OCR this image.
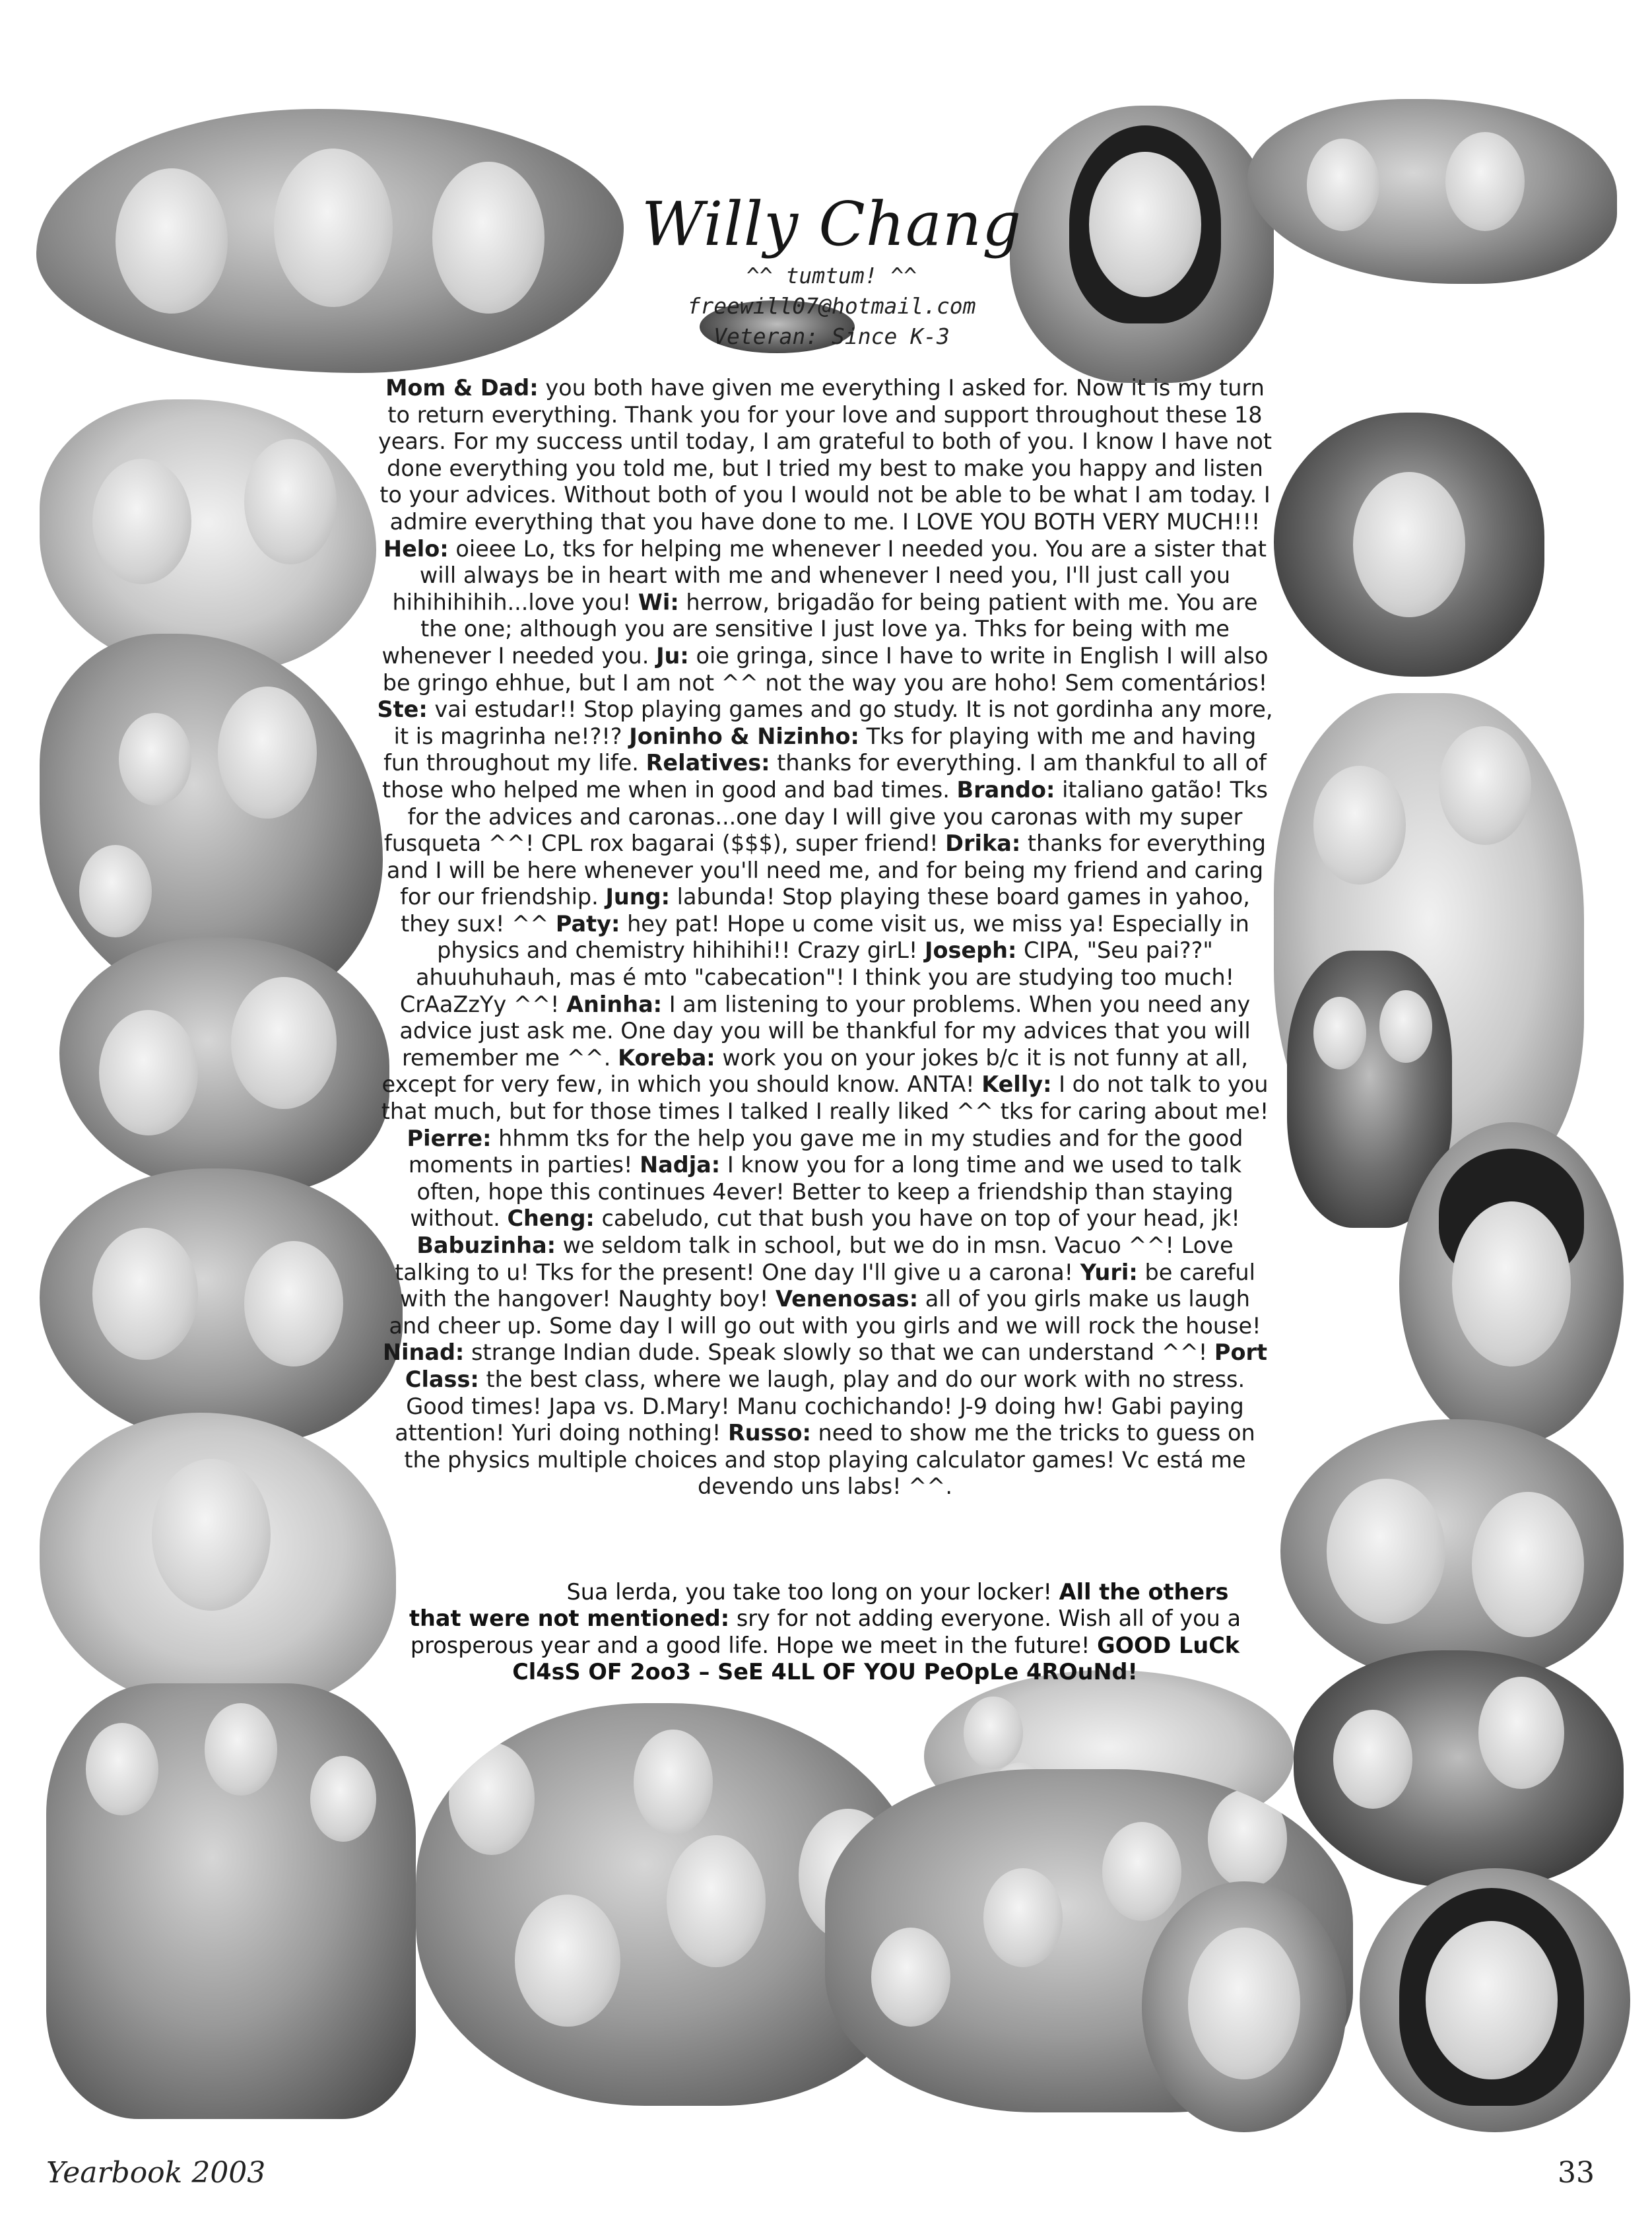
Willy Chang
^^ tumtum! ^^
freewill07@hotmail.com
Veteran: Since K-3
Mom & Dad: you both have given me everything I asked for. Now it is my turn to return everything. Thank you for your love and support throughout these 18 years. For my success until today, I am grateful to both of you. I know I have not done everything you told me, but I tried my best to make you happy and listen to your advices. Without both of you I would not be able to be what I am today. I admire everything that you have done to me. I LOVE YOU BOTH VERY MUCH!!! Helo: oieee Lo, tks for helping me whenever I needed you. You are a sister that will always be in heart with me and whenever I need you, I'll just call you hihihihihih...love you! Wi: herrow, brigadão for being patient with me. You are the one; although you are sensitive I just love ya. Thks for being with me whenever I needed you. Ju: oie gringa, since I have to write in English I will also be gringo ehhue, but I am not ^^ not the way you are hoho! Sem comentários! Ste: vai estudar!! Stop playing games and go study. It is not gordinha any more, it is magrinha ne!?!? Joninho & Nizinho: Tks for playing with me and having fun throughout my life. Relatives: thanks for everything. I am thankful to all of those who helped me when in good and bad times. Brando: italiano gatão! Tks for the advices and caronas...one day I will give you caronas with my super fusqueta ^^! CPL rox bagarai ($$$), super friend! Drika: thanks for everything and I will be here whenever you'll need me, and for being my friend and caring for our friendship. Jung: labunda! Stop playing these board games in yahoo, they sux! ^^ Paty: hey pat! Hope u come visit us, we miss ya! Especially in physics and chemistry hihihihi!! Crazy girL! Joseph: CIPA, "Seu pai??" ahuuhuhauh, mas é mto "cabecation"! I think you are studying too much! CrAaZzYy ^^! Aninha: I am listening to your problems. When you need any advice just ask me. One day you will be thankful for my advices that you will remember me ^^. Koreba: work you on your jokes b/c it is not funny at all, except for very few, in which you should know. ANTA! Kelly: I do not talk to you that much, but for those times I talked I really liked ^^ tks for caring about me! Pierre: hhmm tks for the help you gave me in my studies and for the good moments in parties! Nadja: I know you for a long time and we used to talk often, hope this continues 4ever! Better to keep a friendship than staying without. Cheng: cabeludo, cut that bush you have on top of your head, jk! Babuzinha: we seldom talk in school, but we do in msn. Vacuo ^^! Love talking to u! Tks for the present! One day I'll give u a carona! Yuri: be careful with the hangover! Naughty boy! Venenosas: all of you girls make us laugh and cheer up. Some day I will go out with you girls and we will rock the house! Ninad: strange Indian dude. Speak slowly so that we can understand ^^! Port Class: the best class, where we laugh, play and do our work with no stress. Good times! Japa vs. D.Mary! Manu cochichando! J-9 doing hw! Gabi paying attention! Yuri doing nothing! Russo: need to show me the tricks to guess on the physics multiple choices and stop playing calculator games! Vc está me devendo uns labs! ^^.
Sua lerda, you take too long on your locker! All the others
that were not mentioned: sry for not adding everyone. Wish all of you a prosperous year and a good life. Hope we meet in the future! GOOD LuCk Cl4sS OF 2oo3 – SeE 4LL OF YOU PeOpLe 4ROuNd!
Yearbook 2003	33
